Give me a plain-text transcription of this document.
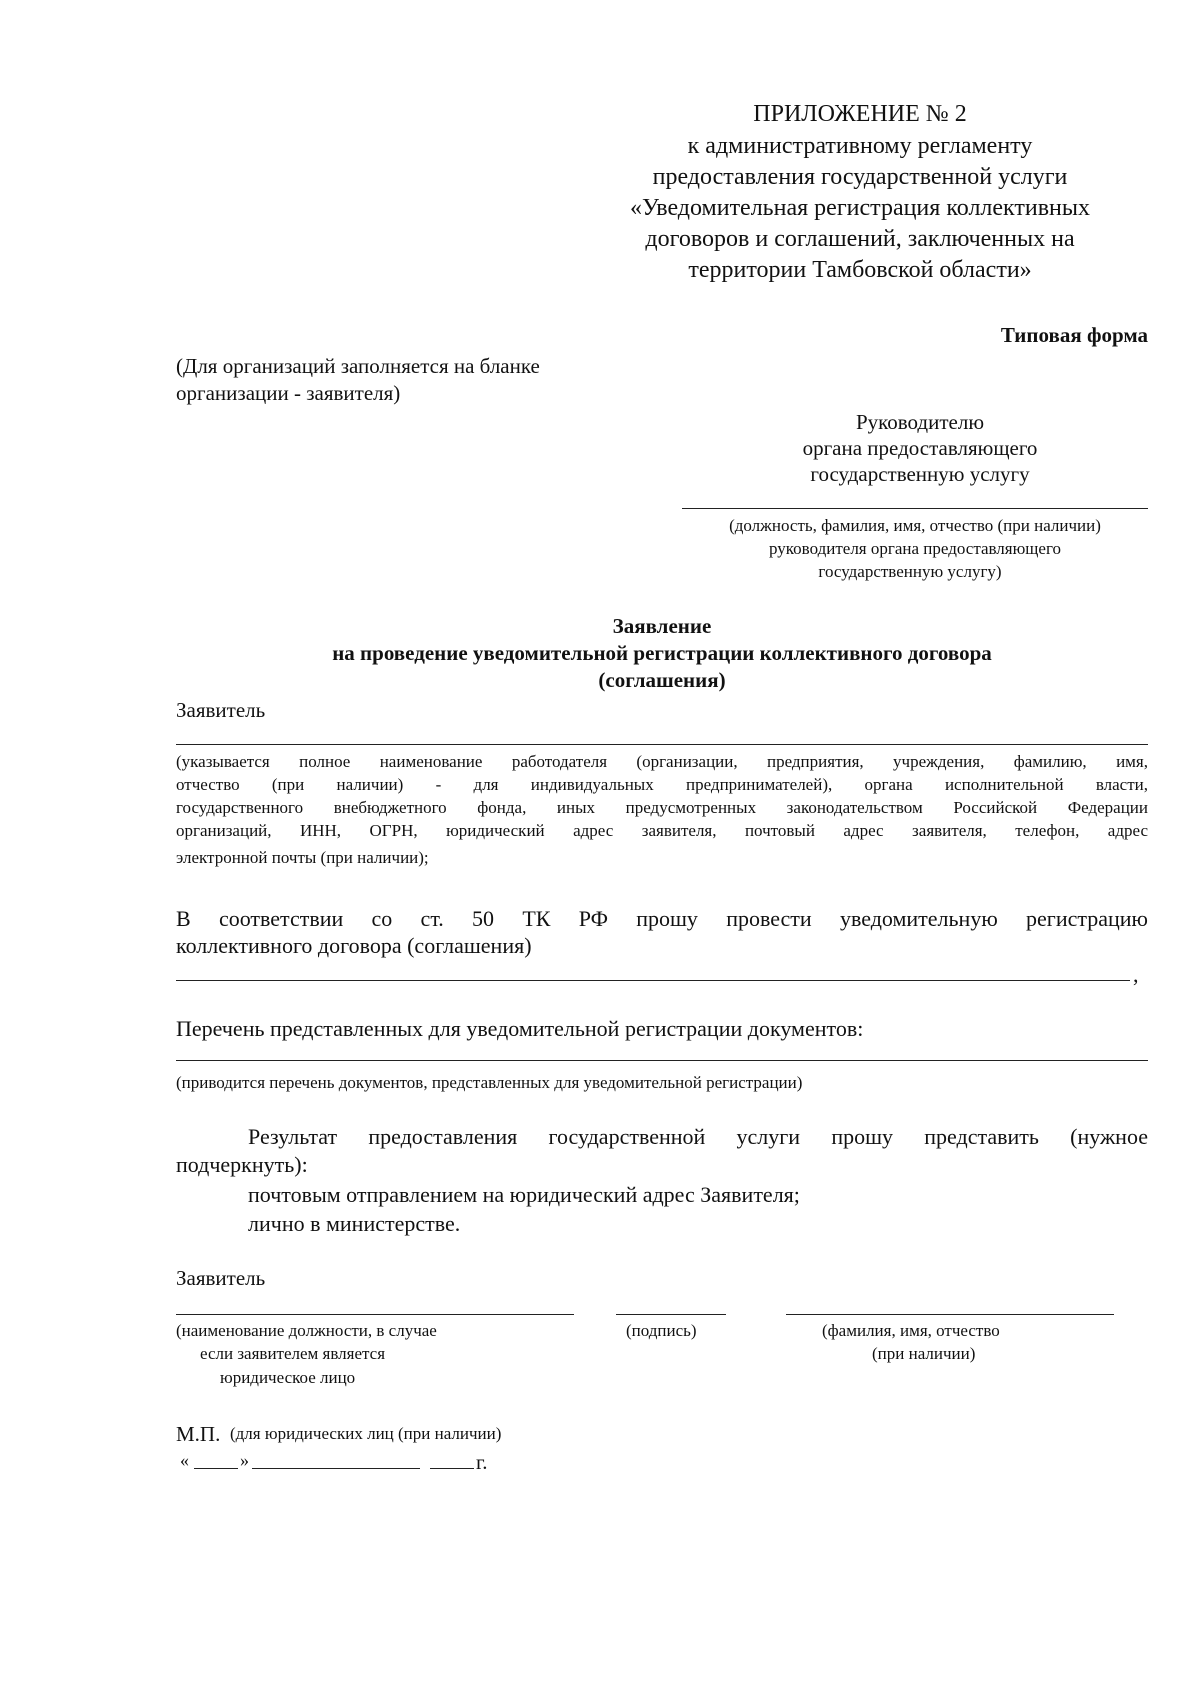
ПРИЛОЖЕНИЕ № 2
к административному регламенту
предоставления государственной услуги
«Уведомительная регистрация коллективных
договоров и соглашений, заключенных на
территории Тамбовской области»
Типовая форма
(Для организаций заполняется на бланке
организации - заявителя)
Руководителю
органа предоставляющего
государственную услугу
(должность, фамилия, имя, отчество (при наличии)
руководителя органа предоставляющего
государственную услугу)
Заявление
на проведение уведомительной регистрации коллективного договора
(соглашения)
Заявитель
(указывается полное наименование работодателя (организации, предприятия, учреждения, фамилию, имя,
отчество (при наличии) - для индивидуальных предпринимателей), органа исполнительной власти,
государственного внебюджетного фонда, иных предусмотренных законодательством Российской Федерации
организаций, ИНН, ОГРН, юридический адрес заявителя, почтовый адрес заявителя, телефон, адрес
электронной почты (при наличии);
В соответствии со ст. 50 ТК РФ прошу провести уведомительную регистрацию
коллективного договора (соглашения)
,
Перечень представленных для уведомительной регистрации документов:
(приводится перечень документов, представленных для уведомительной регистрации)
Результат предоставления государственной услуги прошу представить (нужное
подчеркнуть):
почтовым отправлением на юридический адрес Заявителя;
лично в министерстве.
Заявитель
(наименование должности, в случае
если заявителем является
юридическое лицо
(подпись)	(фамилия, имя, отчество
(при наличии)
М.П. (для юридических лиц (при наличии)
«	»	г.
